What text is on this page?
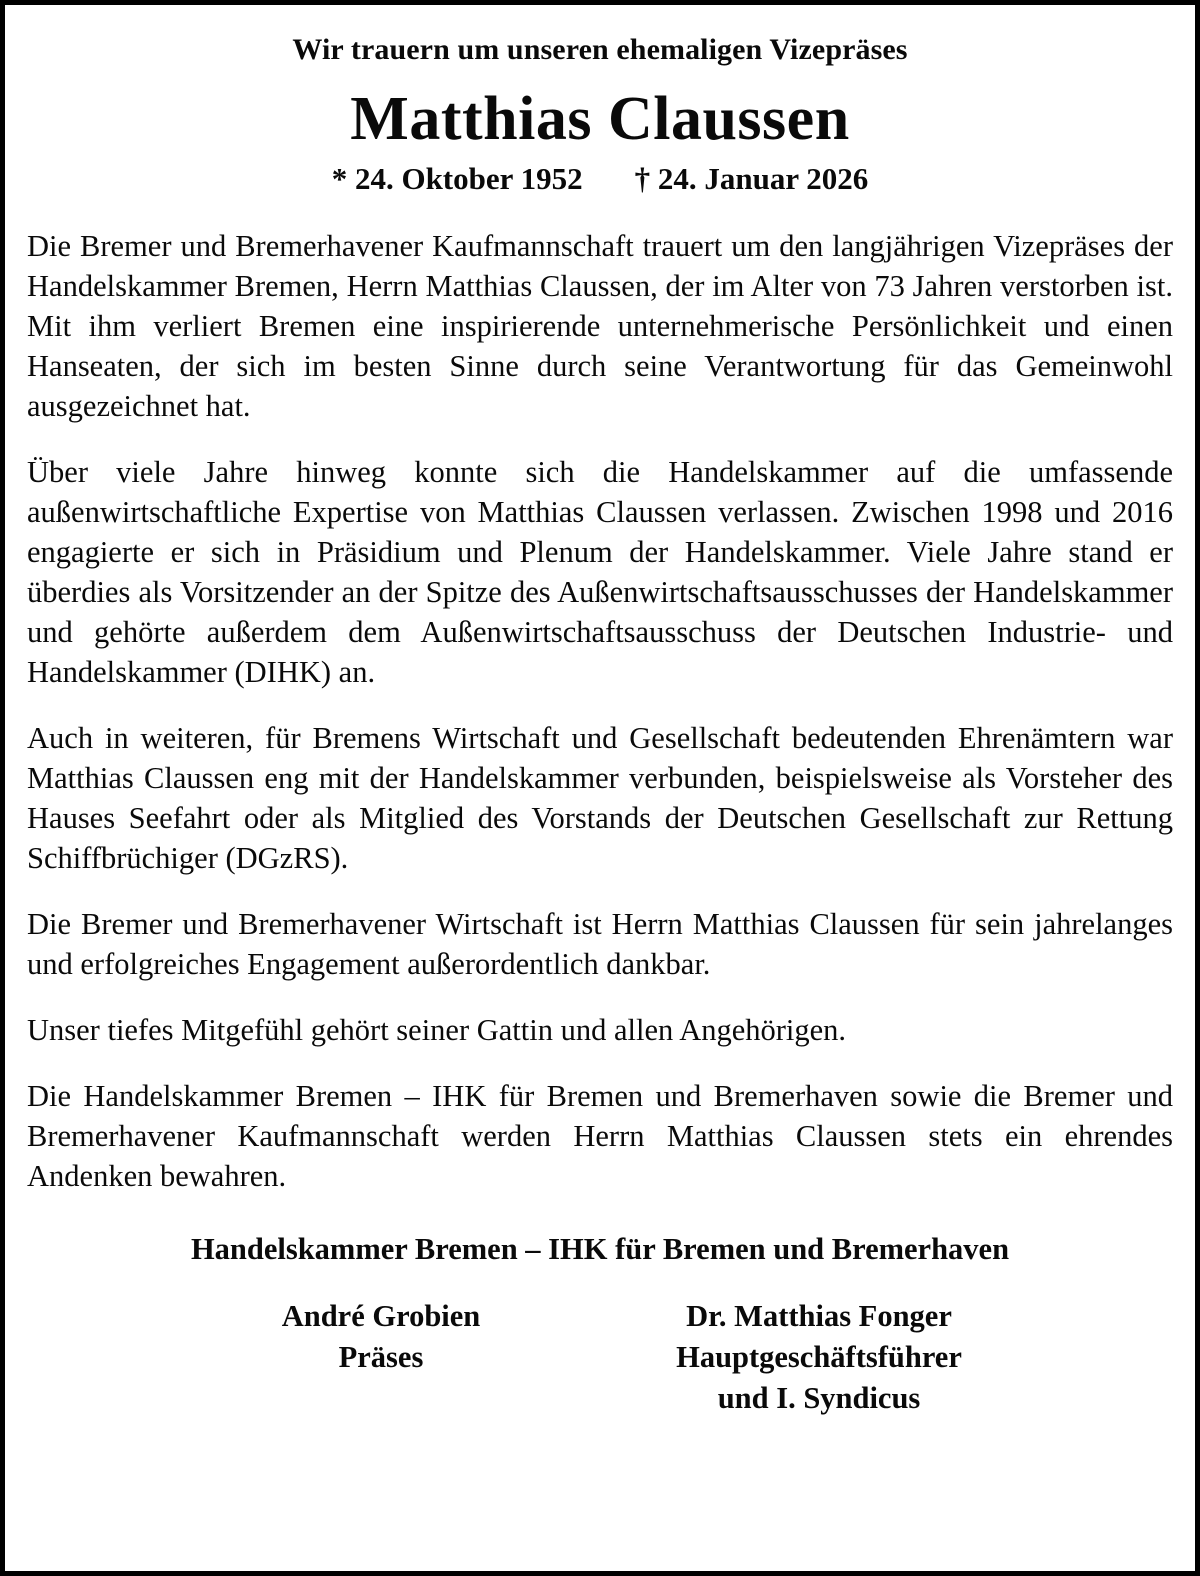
Wir trauern um unseren ehemaligen Vizepräses
Matthias Claussen
* 24. Oktober 1952 † 24. Januar 2026

Die Bremer und Bremerhavener Kaufmannschaft trauert um den langjährigen Vizepräses der Handelskammer Bremen, Herrn Matthias Claussen, der im Alter von 73 Jahren verstorben ist. Mit ihm verliert Bremen eine inspirierende unternehmerische Persönlichkeit und einen Hanseaten, der sich im besten Sinne durch seine Verantwortung für das Gemeinwohl ausgezeichnet hat.

Über viele Jahre hinweg konnte sich die Handelskammer auf die umfassende außenwirtschaftliche Expertise von Matthias Claussen verlassen. Zwischen 1998 und 2016 engagierte er sich in Präsidium und Plenum der Handelskammer. Viele Jahre stand er überdies als Vorsitzender an der Spitze des Außenwirtschaftsausschusses der Handelskammer und gehörte außerdem dem Außenwirtschaftsausschuss der Deutschen Industrie- und Handelskammer (DIHK) an.

Auch in weiteren, für Bremens Wirtschaft und Gesellschaft bedeutenden Ehrenämtern war Matthias Claussen eng mit der Handelskammer verbunden, beispielsweise als Vorsteher des Hauses Seefahrt oder als Mitglied des Vorstands der Deutschen Gesellschaft zur Rettung Schiffbrüchiger (DGzRS).

Die Bremer und Bremerhavener Wirtschaft ist Herrn Matthias Claussen für sein jahrelanges und erfolgreiches Engagement außerordentlich dankbar.

Unser tiefes Mitgefühl gehört seiner Gattin und allen Angehörigen.

Die Handelskammer Bremen – IHK für Bremen und Bremerhaven sowie die Bremer und Bremerhavener Kaufmannschaft werden Herrn Matthias Claussen stets ein ehrendes Andenken bewahren.

Handelskammer Bremen – IHK für Bremen und Bremerhaven
André Grobien
Präses
Dr. Matthias Fonger
Hauptgeschäftsführer
und I. Syndicus
